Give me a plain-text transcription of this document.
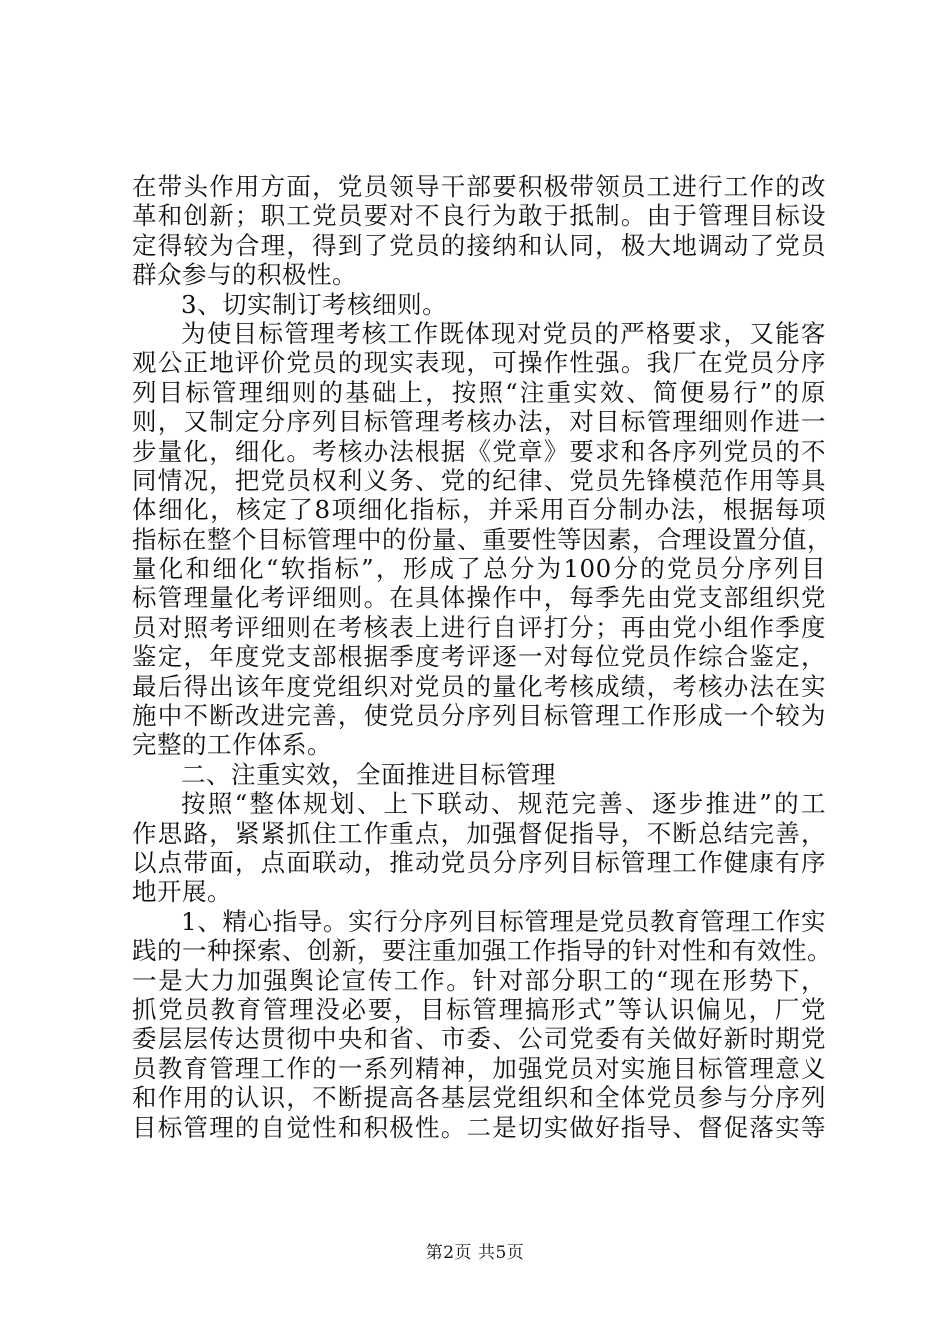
在带头作用方面，党员领导干部要积极带领员工进行工作的改
革和创新；职工党员要对不良行为敢于抵制。由于管理目标设
定得较为合理，得到了党员的接纳和认同，极大地调动了党员
群众参与的积极性。
3、切实制订考核细则。
为使目标管理考核工作既体现对党员的严格要求，又能客
观公正地评价党员的现实表现，可操作性强。我厂在党员分序
列目标管理细则的基础上，按照“注重实效、简便易行”的原
则，又制定分序列目标管理考核办法，对目标管理细则作进一
步量化，细化。考核办法根据《党章》要求和各序列党员的不
同情况，把党员权利义务、党的纪律、党员先锋模范作用等具
体细化，核定了8项细化指标，并采用百分制办法，根据每项
指标在整个目标管理中的份量、重要性等因素，合理设置分值，
量化和细化“软指标”，形成了总分为100分的党员分序列目
标管理量化考评细则。在具体操作中，每季先由党支部组织党
员对照考评细则在考核表上进行自评打分；再由党小组作季度
鉴定，年度党支部根据季度考评逐一对每位党员作综合鉴定，
最后得出该年度党组织对党员的量化考核成绩，考核办法在实
施中不断改进完善，使党员分序列目标管理工作形成一个较为
完整的工作体系。
二、注重实效，全面推进目标管理
按照“整体规划、上下联动、规范完善、逐步推进”的工
作思路，紧紧抓住工作重点，加强督促指导，不断总结完善，
以点带面，点面联动，推动党员分序列目标管理工作健康有序
地开展。
1、精心指导。实行分序列目标管理是党员教育管理工作实
践的一种探索、创新，要注重加强工作指导的针对性和有效性。
一是大力加强舆论宣传工作。针对部分职工的“现在形势下，
抓党员教育管理没必要，目标管理搞形式”等认识偏见，厂党
委层层传达贯彻中央和省、市委、公司党委有关做好新时期党
员教育管理工作的一系列精神，加强党员对实施目标管理意义
和作用的认识，不断提高各基层党组织和全体党员参与分序列
目标管理的自觉性和积极性。二是切实做好指导、督促落实等
第2页 共5页
